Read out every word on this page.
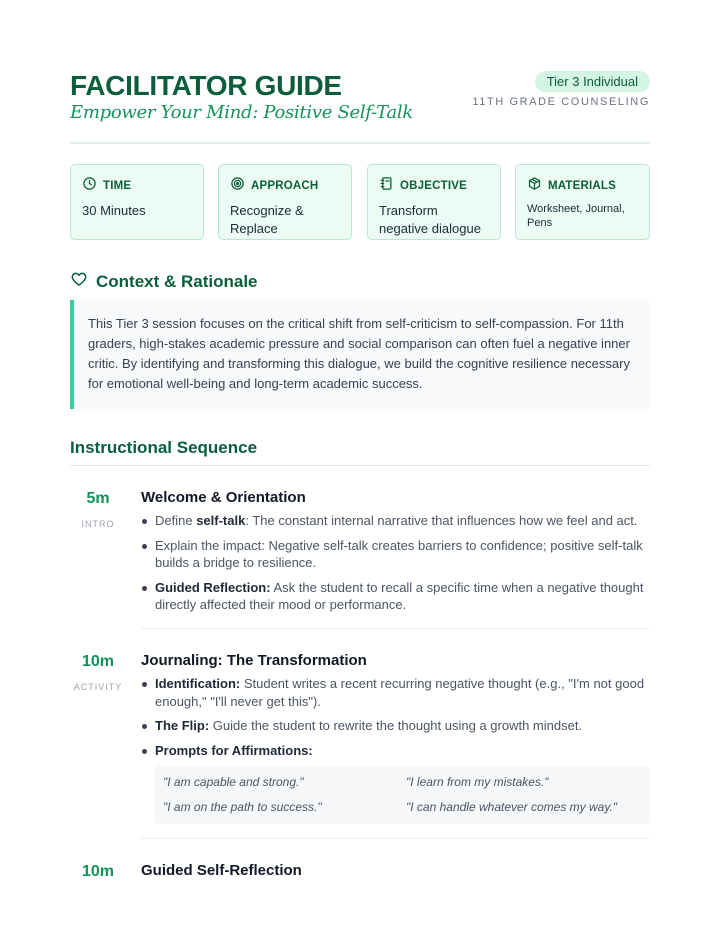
FACILITATOR GUIDE
Empower Your Mind: Positive Self-Talk
Tier 3 Individual
11TH GRADE COUNSELING
TIME
30 Minutes
APPROACH
Recognize & Replace
OBJECTIVE
Transform negative dialogue
MATERIALS
Worksheet, Journal, Pens
Context & Rationale
This Tier 3 session focuses on the critical shift from self-criticism to self-compassion. For 11th graders, high-stakes academic pressure and social comparison can often fuel a negative inner critic. By identifying and transforming this dialogue, we build the cognitive resilience necessary for emotional well-being and long-term academic success.
Instructional Sequence
5m
INTRO
Welcome & Orientation
Define self-talk: The constant internal narrative that influences how we feel and act.
Explain the impact: Negative self-talk creates barriers to confidence; positive self-talk builds a bridge to resilience.
Guided Reflection: Ask the student to recall a specific time when a negative thought directly affected their mood or performance.
10m
ACTIVITY
Journaling: The Transformation
Identification: Student writes a recent recurring negative thought (e.g., "I'm not good enough," "I'll never get this").
The Flip: Guide the student to rewrite the thought using a growth mindset.
Prompts for Affirmations:
"I am capable and strong."	"I learn from my mistakes."
"I am on the path to success."	"I can handle whatever comes my way."
10m	Guided Self-Reflection
